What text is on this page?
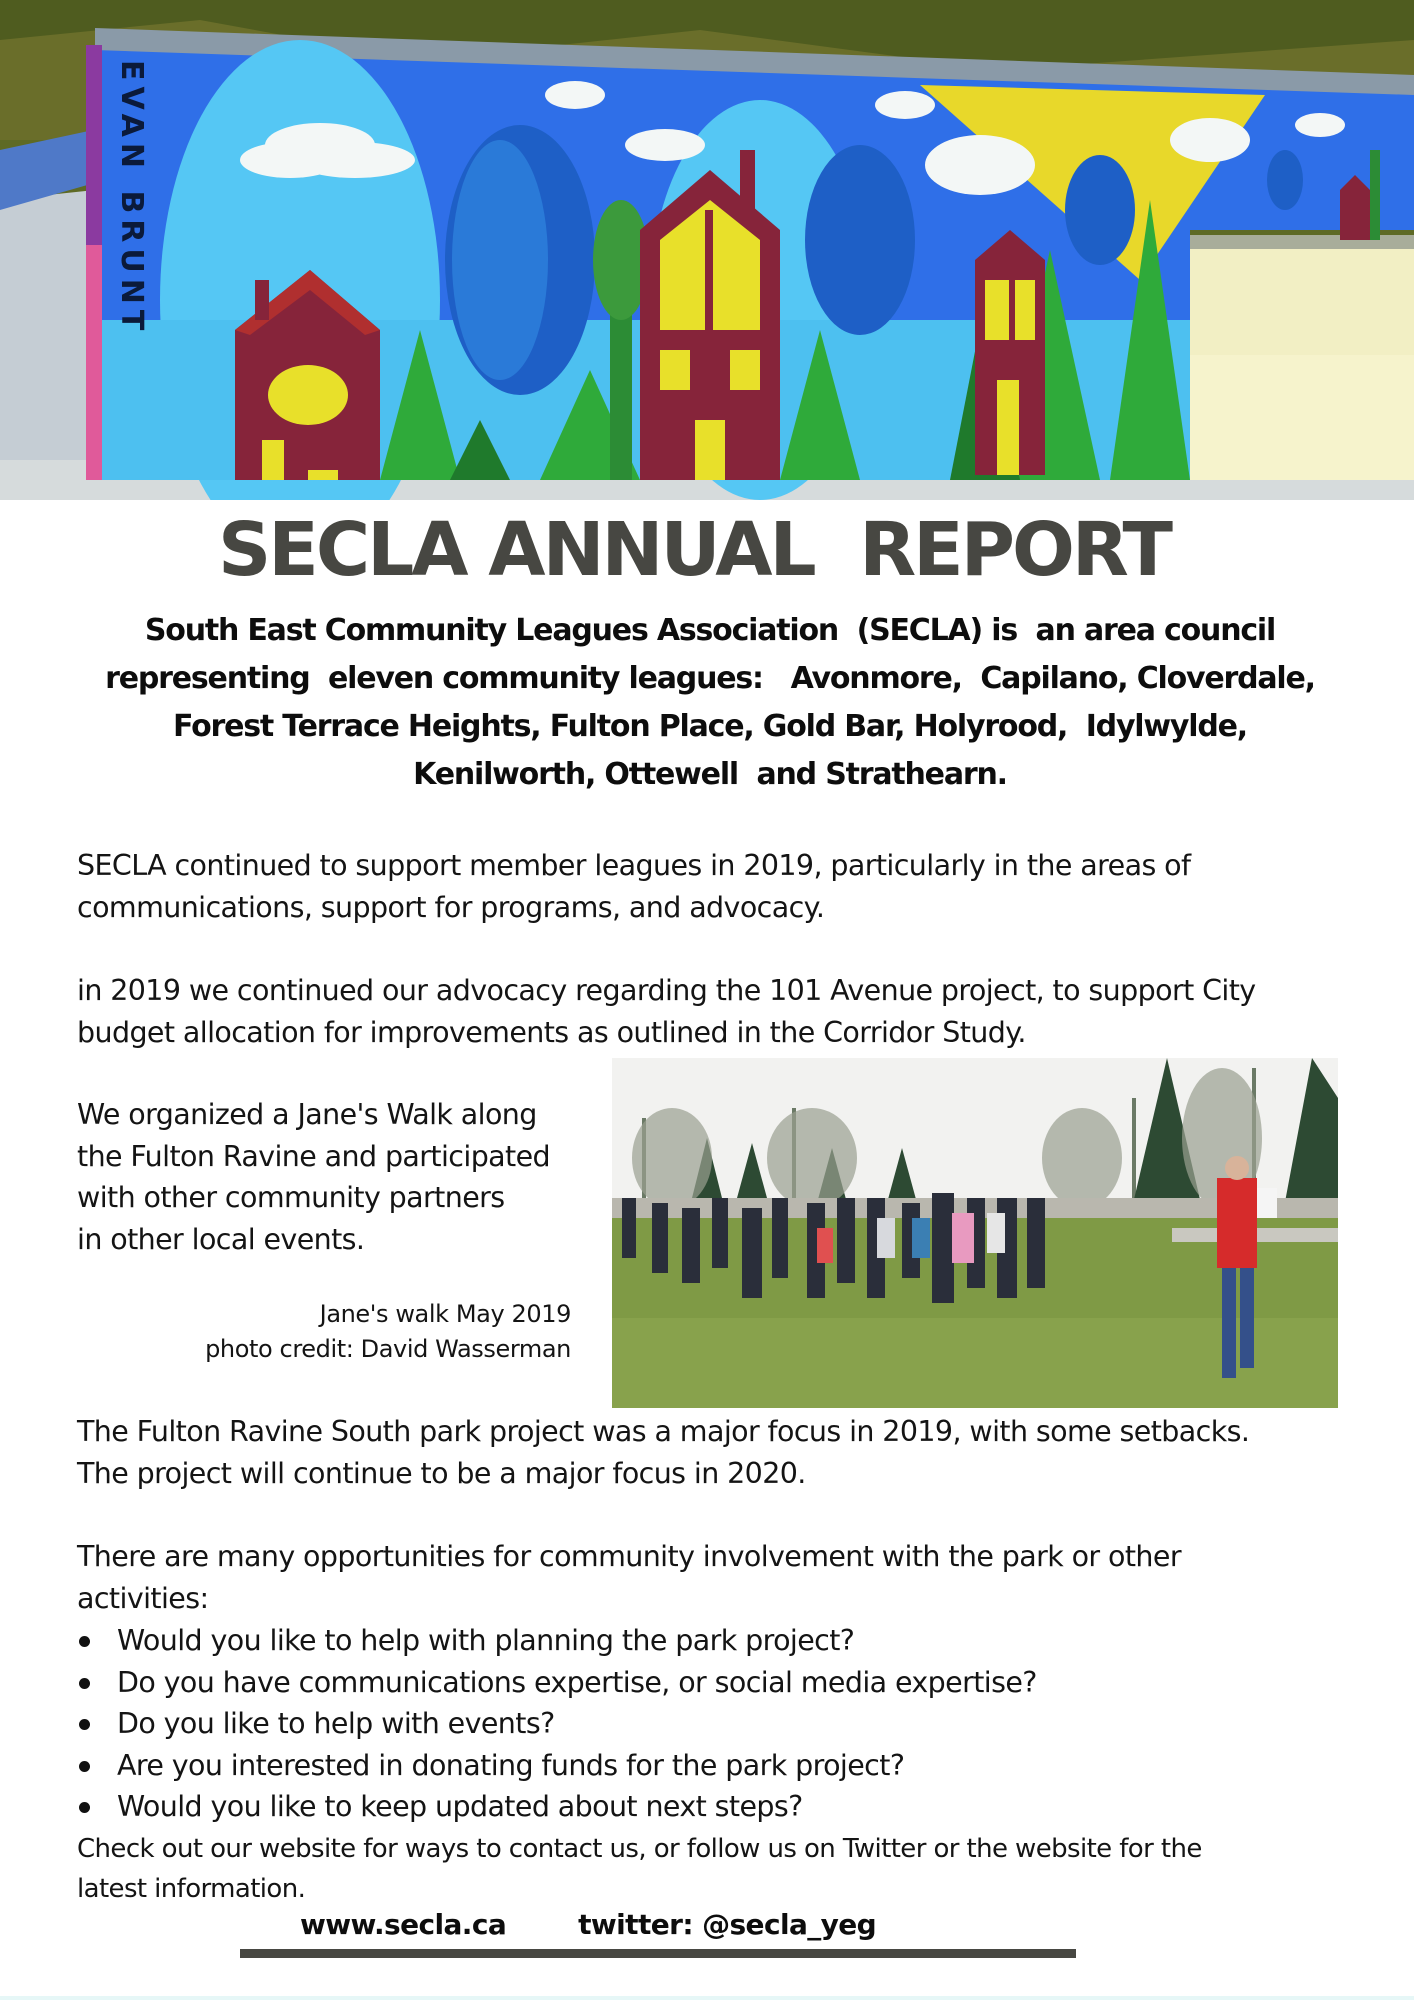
EVAN BRUNT
SECLA ANNUAL  REPORT
South East Community Leagues Association  (SECLA) is  an area council
representing  eleven community leagues:   Avonmore,  Capilano, Cloverdale,
Forest Terrace Heights, Fulton Place, Gold Bar, Holyrood,  Idylwylde,
Kenilworth, Ottewell  and Strathearn.
SECLA continued to support member leagues in 2019, particularly in the areas of
communications, support for programs, and advocacy.
in 2019 we continued our advocacy regarding the 101 Avenue project, to support City
budget allocation for improvements as outlined in the Corridor Study.
We organized a Jane's Walk along
the Fulton Ravine and participated
with other community partners
in other local events.
Jane's walk May 2019
photo credit: David Wasserman
The Fulton Ravine South park project was a major focus in 2019, with some setbacks.
The project will continue to be a major focus in 2020.
There are many opportunities for community involvement with the park or other
activities:
Would you like to help with planning the park project?
Do you have communications expertise, or social media expertise?
Do you like to help with events?
Are you interested in donating funds for the park project?
Would you like to keep updated about next steps?
Check out our website for ways to contact us, or follow us on Twitter or the website for the
latest information.
www.secla.ca	twitter: @secla_yeg
